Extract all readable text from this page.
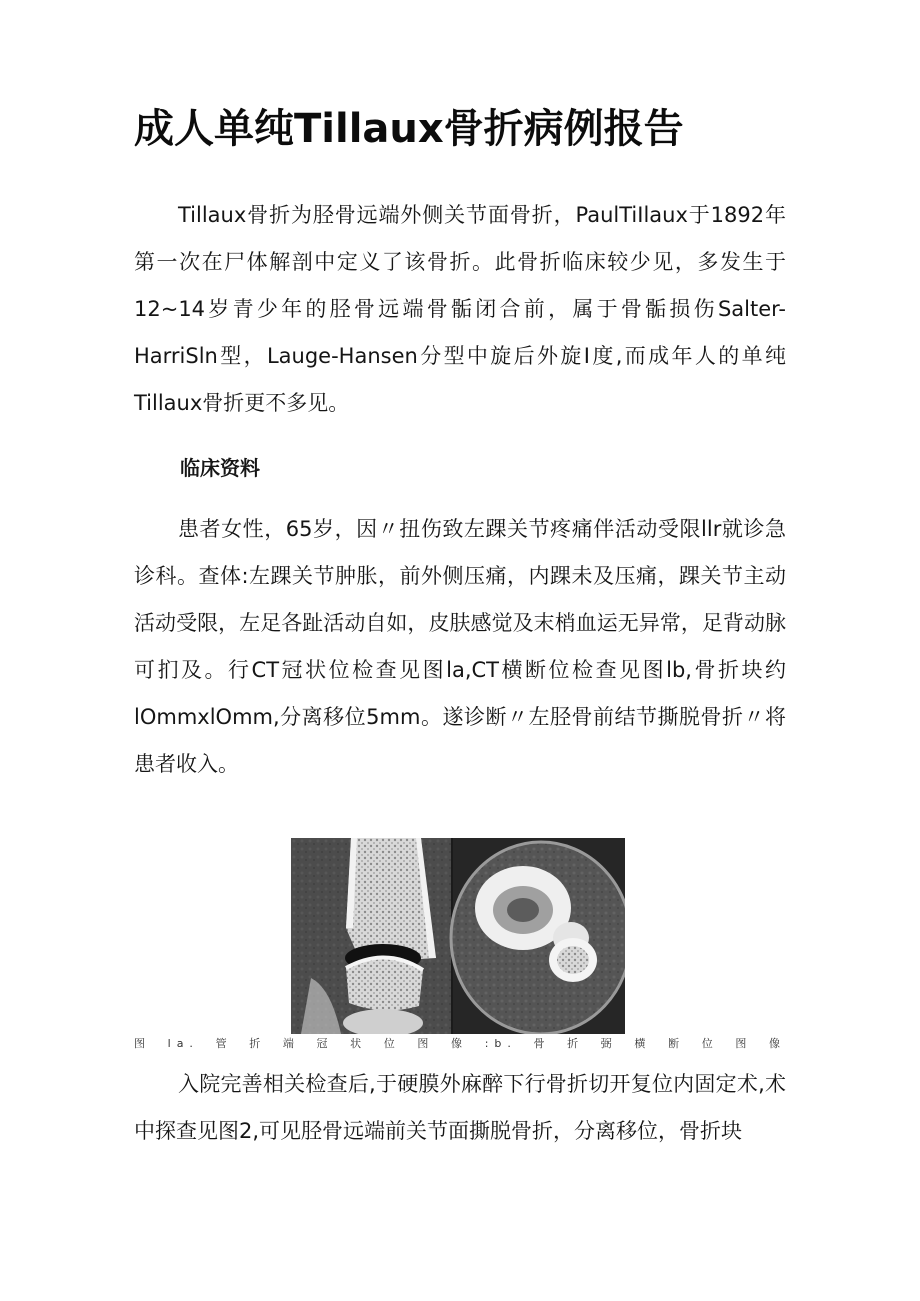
成人单纯Tillaux骨折病例报告

Tillaux骨折为胫骨远端外侧关节面骨折，PaulTiIlaux于1892年第一次在尸体解剖中定义了该骨折。此骨折临床较少见，多发生于12~14岁青少年的胫骨远端骨骺闭合前，属于骨骺损伤Salter-HarriSln型，Lauge-Hansen分型中旋后外旋I度,而成年人的单纯Tillaux骨折更不多见。

临床资料

患者女性，65岁，因〃扭伤致左踝关节疼痛伴活动受限llr就诊急诊科。查体:左踝关节肿胀，前外侧压痛，内踝未及压痛，踝关节主动活动受限，左足各趾活动自如，皮肤感觉及末梢血运无异常，足背动脉可扪及。行CT冠状位检查见图la,CT横断位检查见图lb,骨折块约lOmmxlOmm,分离移位5mm。遂诊断〃左胫骨前结节撕脱骨折〃将患者收入。

图la.管折端冠状位图像:b.骨折弼横断位图像

入院完善相关检查后,于硬膜外麻醉下行骨折切开复位内固定术,术中探查见图2,可见胫骨远端前关节面撕脱骨折，分离移位，骨折块
